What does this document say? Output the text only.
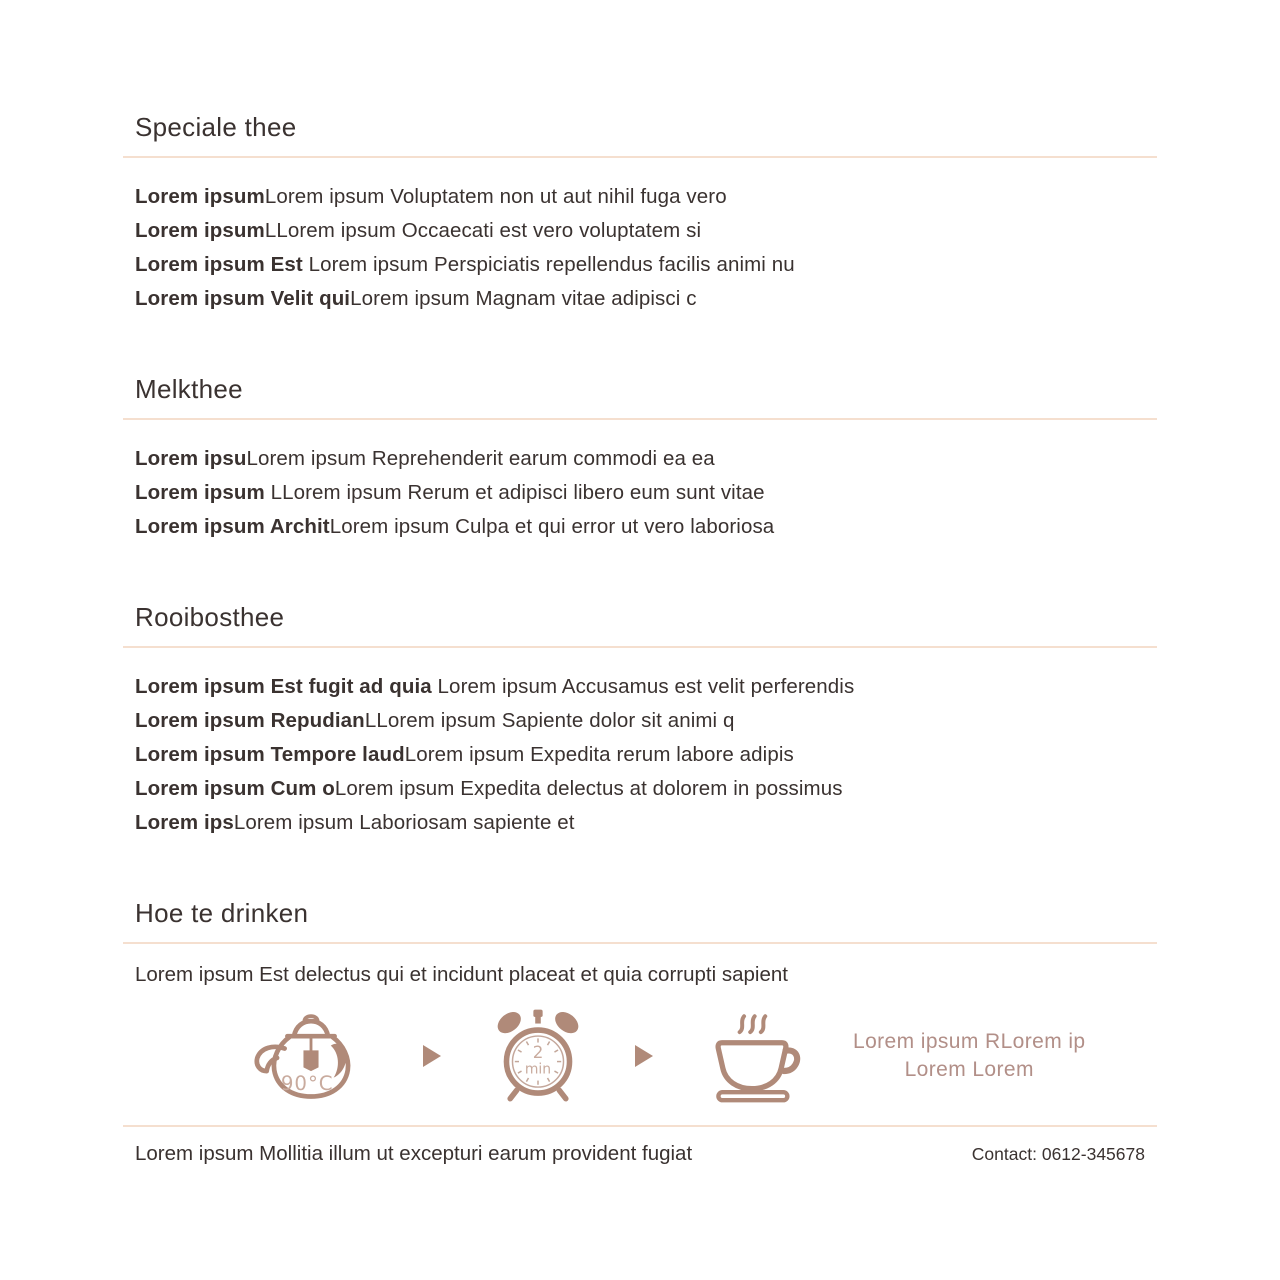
Speciale thee

Lorem ipsumLorem ipsum Voluptatem non ut aut nihil fuga vero

Lorem ipsumLLorem ipsum Occaecati est vero voluptatem si

Lorem ipsum Est Lorem ipsum Perspiciatis repellendus facilis animi nu

Lorem ipsum Velit quiLorem ipsum Magnam vitae adipisci c

Melkthee

Lorem ipsuLorem ipsum Reprehenderit earum commodi ea ea

Lorem ipsum LLorem ipsum Rerum et adipisci libero eum sunt vitae

Lorem ipsum ArchitLorem ipsum Culpa et qui error ut vero laboriosa

Rooibosthee

Lorem ipsum Est fugit ad quia Lorem ipsum Accusamus est velit perferendis

Lorem ipsum RepudianLLorem ipsum Sapiente dolor sit animi q

Lorem ipsum Tempore laudLorem ipsum Expedita rerum labore adipis

Lorem ipsum Cum oLorem ipsum Expedita delectus at dolorem in possimus

Lorem ipsLorem ipsum Laboriosam sapiente et

Hoe te drinken

Lorem ipsum Est delectus qui et incidunt placeat et quia corrupti sapient

90°C
2
min
Lorem ipsum RLorem ip
Lorem Lorem

Lorem ipsum Mollitia illum ut excepturi earum provident fugiat	Contact: 0612-345678
